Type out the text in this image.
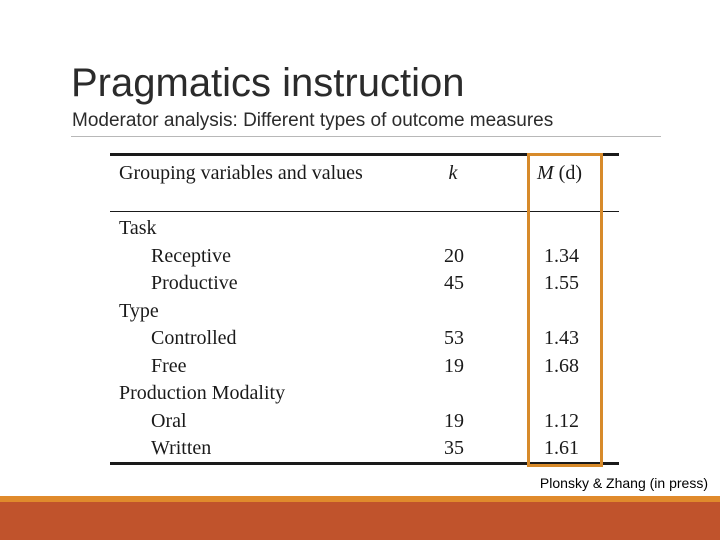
Pragmatics instruction
Moderator analysis: Different types of outcome measures
Grouping variables and values	k	M (d)
Task
Receptive	20	1.34
Productive	45	1.55
Type
Controlled	53	1.43
Free	19	1.68
Production Modality
Oral	19	1.12
Written	35	1.61
Plonsky & Zhang (in press)
